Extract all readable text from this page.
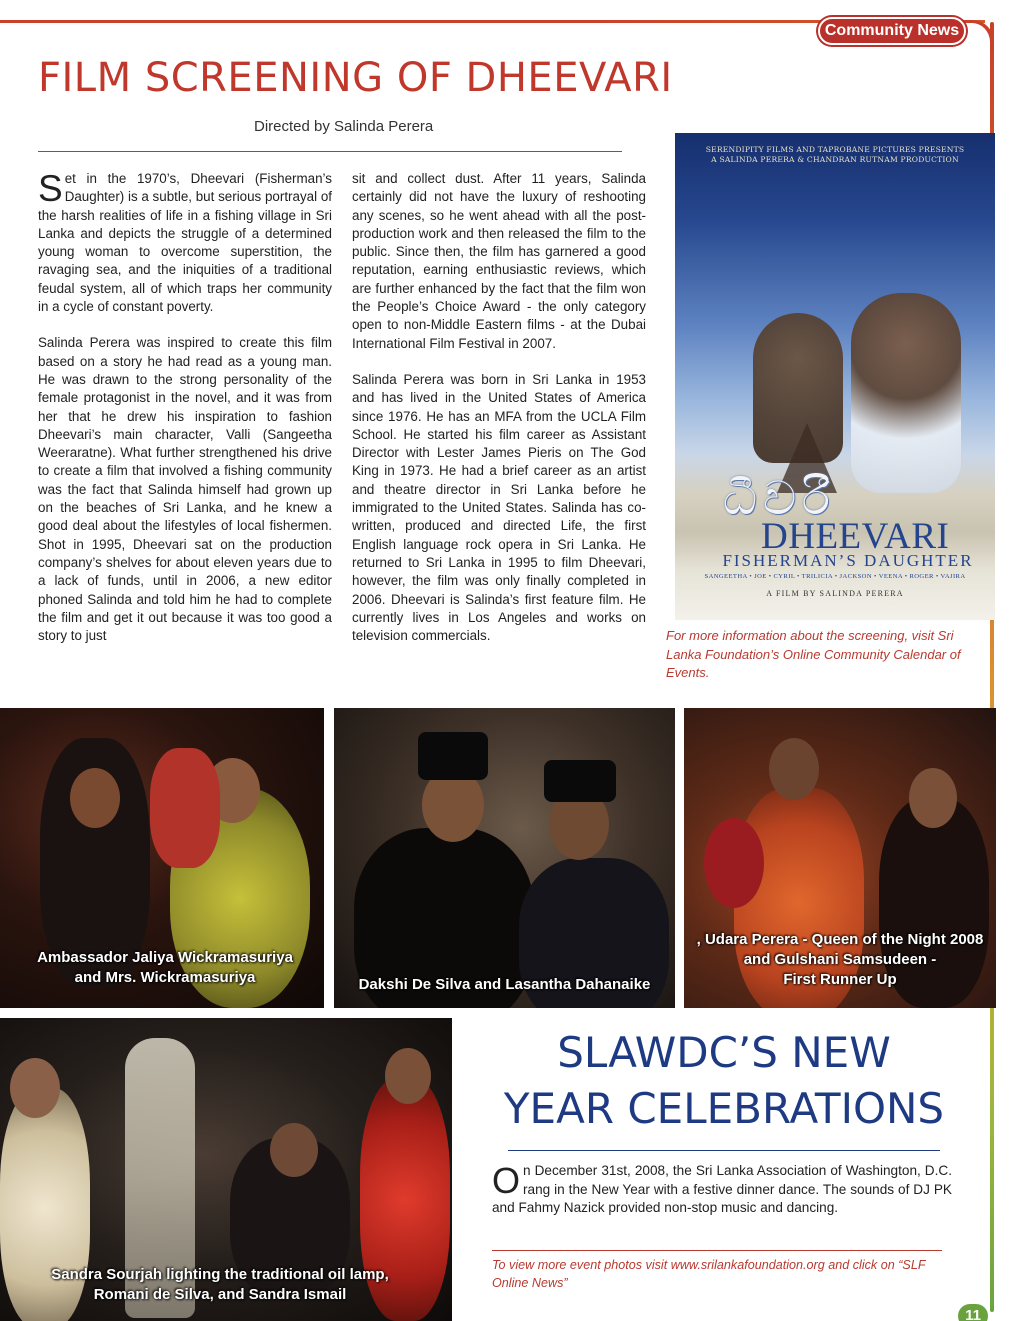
Community News
FILM SCREENING OF DHEEVARI
Directed by Salinda Perera

Set in the 1970’s, Dheevari (Fisherman’s Daughter) is a subtle, but serious portrayal of the harsh realities of life in a fishing village in Sri Lanka and depicts the struggle of a determined young woman to overcome superstition, the ravaging sea, and the iniquities of a traditional feudal system, all of which traps her community in a cycle of constant poverty.

Salinda Perera was inspired to create this film based on a story he had read as a young man. He was drawn to the strong personality of the female protagonist in the novel, and it was from her that he drew his inspiration to fashion Dheevari’s main character, Valli (Sangeetha Weeraratne). What further strengthened his drive to create a film that involved a fishing community was the fact that Salinda himself had grown up on the beaches of Sri Lanka, and he knew a good deal about the lifestyles of local fishermen. Shot in 1995, Dheevari sat on the production company’s shelves for about eleven years due to a lack of funds, until in 2006, a new editor phoned Salinda and told him he had to complete the film and get it out because it was too good a story to just

sit and collect dust. After 11 years, Salinda certainly did not have the luxury of reshooting any scenes, so he went ahead with all the post-production work and then released the film to the public. Since then, the film has garnered a good reputation, earning enthusiastic reviews, which are further enhanced by the fact that the film won the People’s Choice Award - the only category open to non-Middle Eastern films - at the Dubai International Film Festival in 2007.

Salinda Perera was born in Sri Lanka in 1953 and has lived in the United States of America since 1976. He has an MFA from the UCLA Film School. He started his film career as Assistant Director with Lester James Pieris on The God King in 1973. He had a brief career as an artist and theatre director in Sri Lanka before he immigrated to the United States. Salinda has co-written, produced and directed Life, the first English language rock opera in Sri Lanka. He returned to Sri Lanka in 1995 to film Dheevari, however, the film was only finally completed in 2006. Dheevari is Salinda’s first feature film. He currently lives in Los Angeles and works on television commercials.

SERENDIPITY FILMS AND TAPROBANE PICTURES PRESENTS
A SALINDA PERERA & CHANDRAN RUTNAM PRODUCTION
ධීවරී
DHEEVARI
FISHERMAN’S DAUGHTER
SANGEETHA • JOE • CYRIL • TRILICIA • JACKSON • VEENA • ROGER • VAJIRA
A FILM BY SALINDA PERERA
For more information about the screening, visit Sri Lanka Foundation’s Online Community Calendar of Events.
Ambassador Jaliya Wickramasuriya
and Mrs. Wickramasuriya	Dakshi De Silva and Lasantha Dahanaike
, Udara Perera - Queen of the Night 2008
and Gulshani Samsudeen -
First Runner Up
Sandra Sourjah lighting the traditional oil lamp,
Romani de Silva, and Sandra Ismail
SLAWDC’S NEW
YEAR CELEBRATIONS
On December 31st, 2008, the Sri Lanka Association of Washington, D.C. rang in the New Year with a festive dinner dance. The sounds of DJ PK and Fahmy Nazick provided non-stop music and dancing.
To view more event photos visit www.srilankafoundation.org and click on “SLF Online News”
11
